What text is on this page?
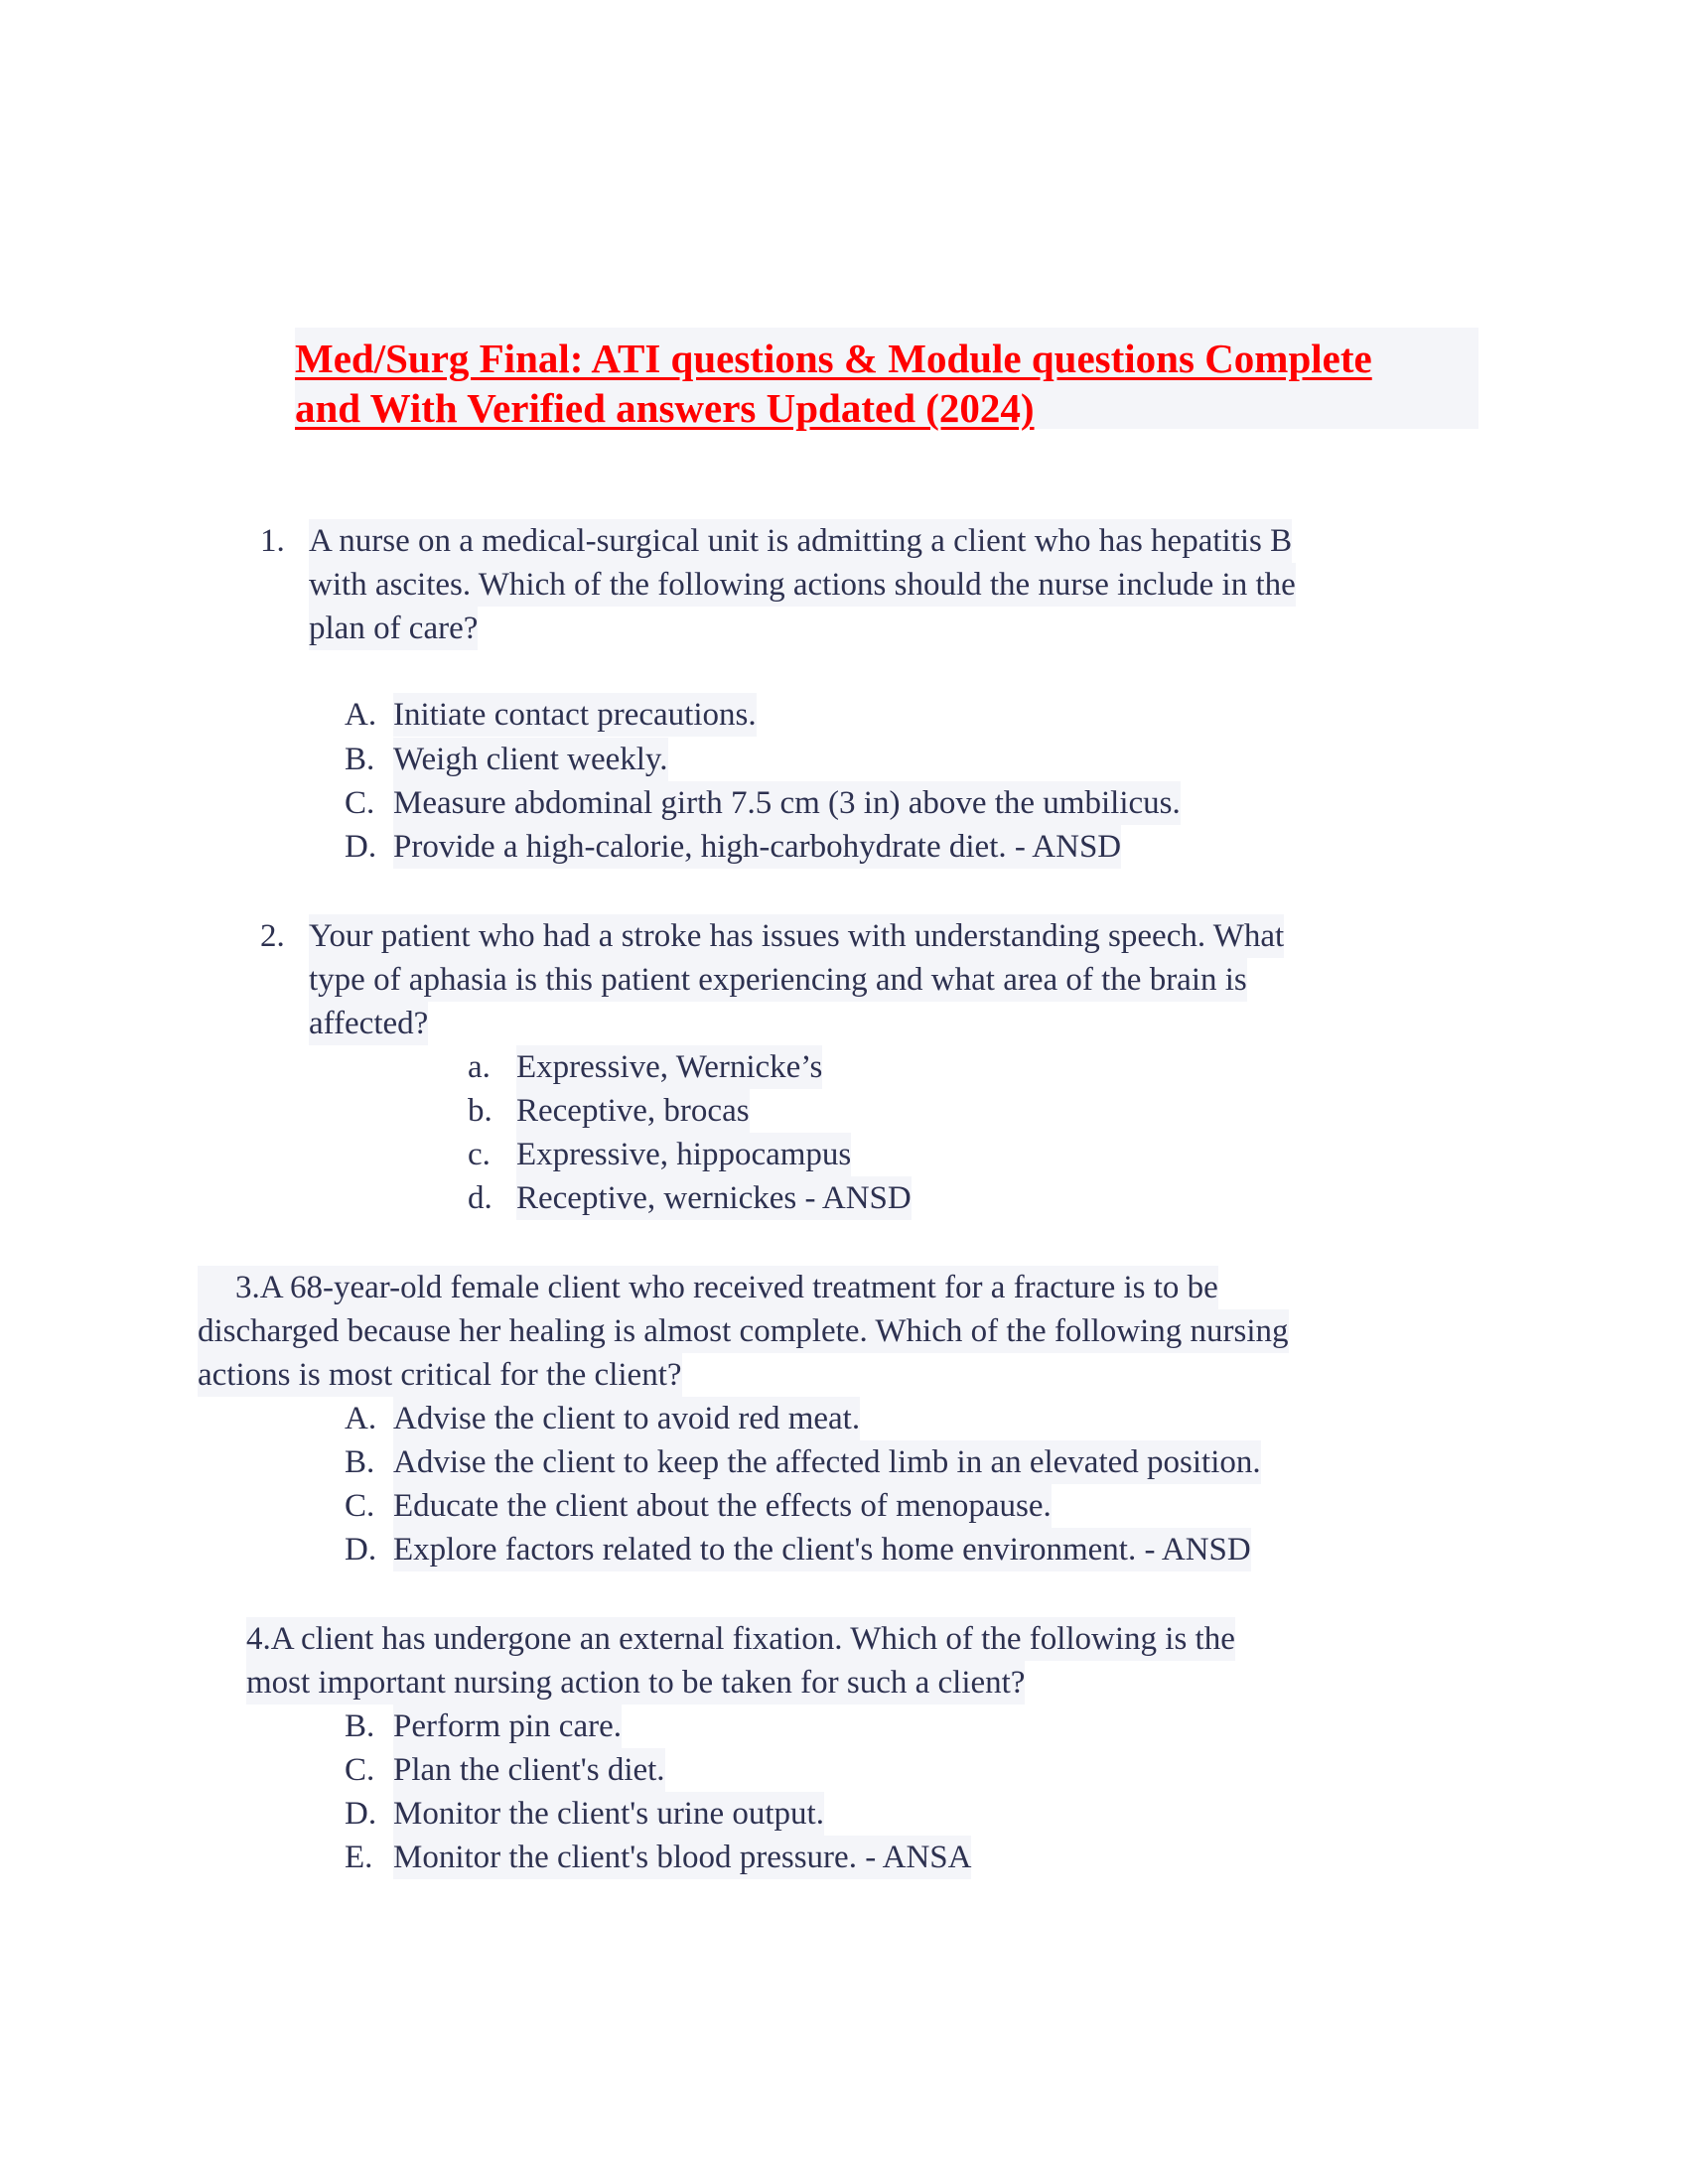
Med/Surg Final: ATI questions & Module questions Complete
and With Verified answers Updated (2024)
1. A nurse on a medical-surgical unit is admitting a client who has hepatitis B
with ascites. Which of the following actions should the nurse include in the
plan of care?
A. Initiate contact precautions.
B. Weigh client weekly.
C. Measure abdominal girth 7.5 cm (3 in) above the umbilicus.
D. Provide a high-calorie, high-carbohydrate diet. - ANSD
2. Your patient who had a stroke has issues with understanding speech. What
type of aphasia is this patient experiencing and what area of the brain is
affected?
a. Expressive, Wernicke’s
b. Receptive, brocas
c. Expressive, hippocampus
d. Receptive, wernickes - ANSD
3.A 68-year-old female client who received treatment for a fracture is to be
discharged because her healing is almost complete. Which of the following nursing
actions is most critical for the client?
A. Advise the client to avoid red meat.
B. Advise the client to keep the affected limb in an elevated position.
C. Educate the client about the effects of menopause.
D. Explore factors related to the client's home environment. - ANSD
4.A client has undergone an external fixation. Which of the following is the
most important nursing action to be taken for such a client?
B. Perform pin care.
C. Plan the client's diet.
D. Monitor the client's urine output.
E. Monitor the client's blood pressure. - ANSA
